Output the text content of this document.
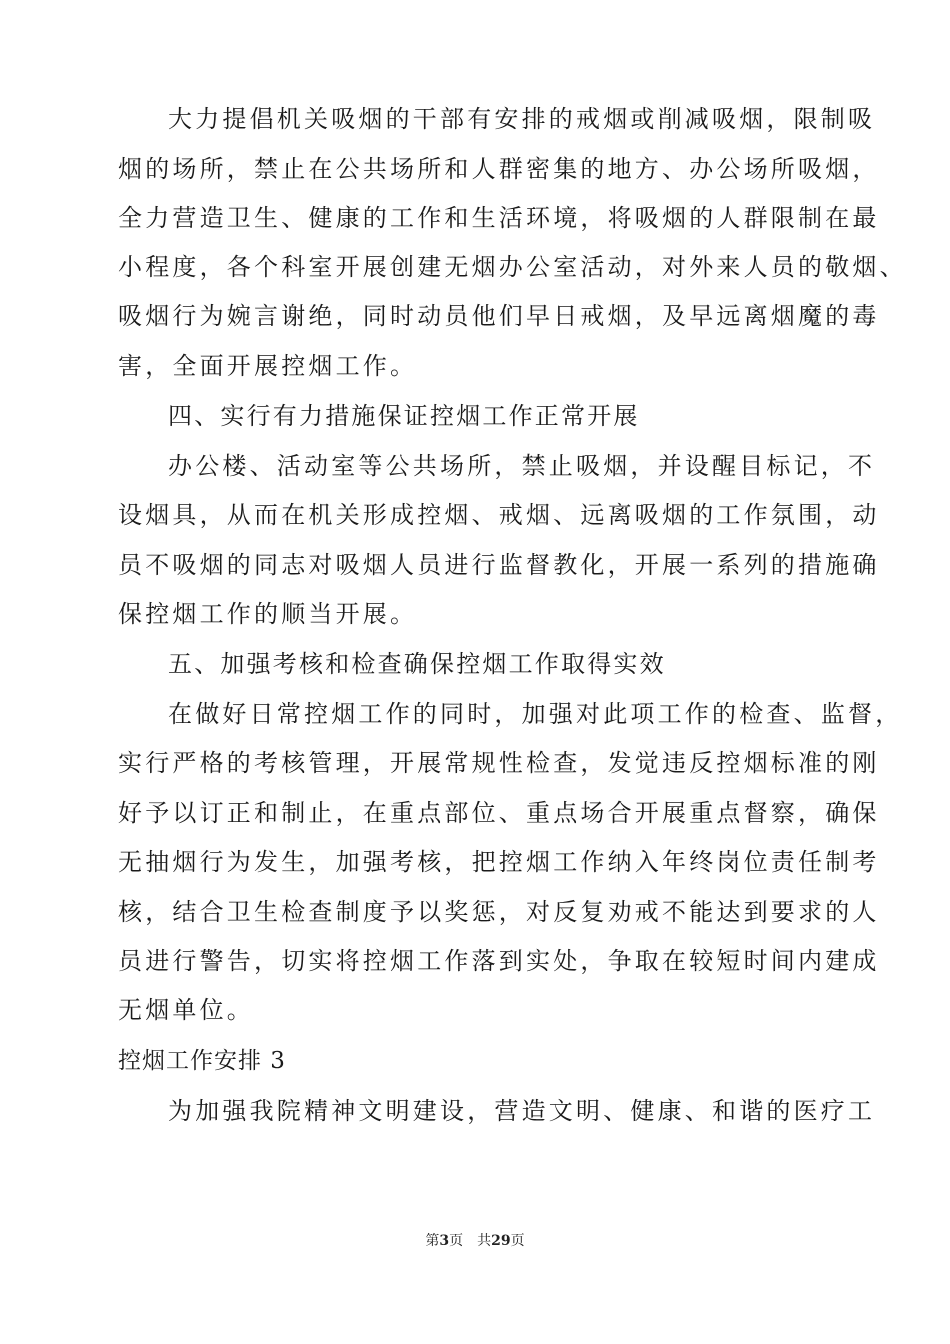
大力提倡机关吸烟的干部有安排的戒烟或削减吸烟，限制吸
烟的场所，禁止在公共场所和人群密集的地方、办公场所吸烟，
全力营造卫生、健康的工作和生活环境，将吸烟的人群限制在最
小程度，各个科室开展创建无烟办公室活动，对外来人员的敬烟、
吸烟行为婉言谢绝，同时动员他们早日戒烟，及早远离烟魔的毒
害，全面开展控烟工作。
四、实行有力措施保证控烟工作正常开展
办公楼、活动室等公共场所，禁止吸烟，并设醒目标记，不
设烟具，从而在机关形成控烟、戒烟、远离吸烟的工作氛围，动
员不吸烟的同志对吸烟人员进行监督教化，开展一系列的措施确
保控烟工作的顺当开展。
五、加强考核和检查确保控烟工作取得实效
在做好日常控烟工作的同时，加强对此项工作的检查、监督，
实行严格的考核管理，开展常规性检查，发觉违反控烟标准的刚
好予以订正和制止，在重点部位、重点场合开展重点督察，确保
无抽烟行为发生，加强考核，把控烟工作纳入年终岗位责任制考
核，结合卫生检查制度予以奖惩，对反复劝戒不能达到要求的人
员进行警告，切实将控烟工作落到实处，争取在较短时间内建成
无烟单位。
控烟工作安排 3
为加强我院精神文明建设，营造文明、健康、和谐的医疗工
第3页 共29页
